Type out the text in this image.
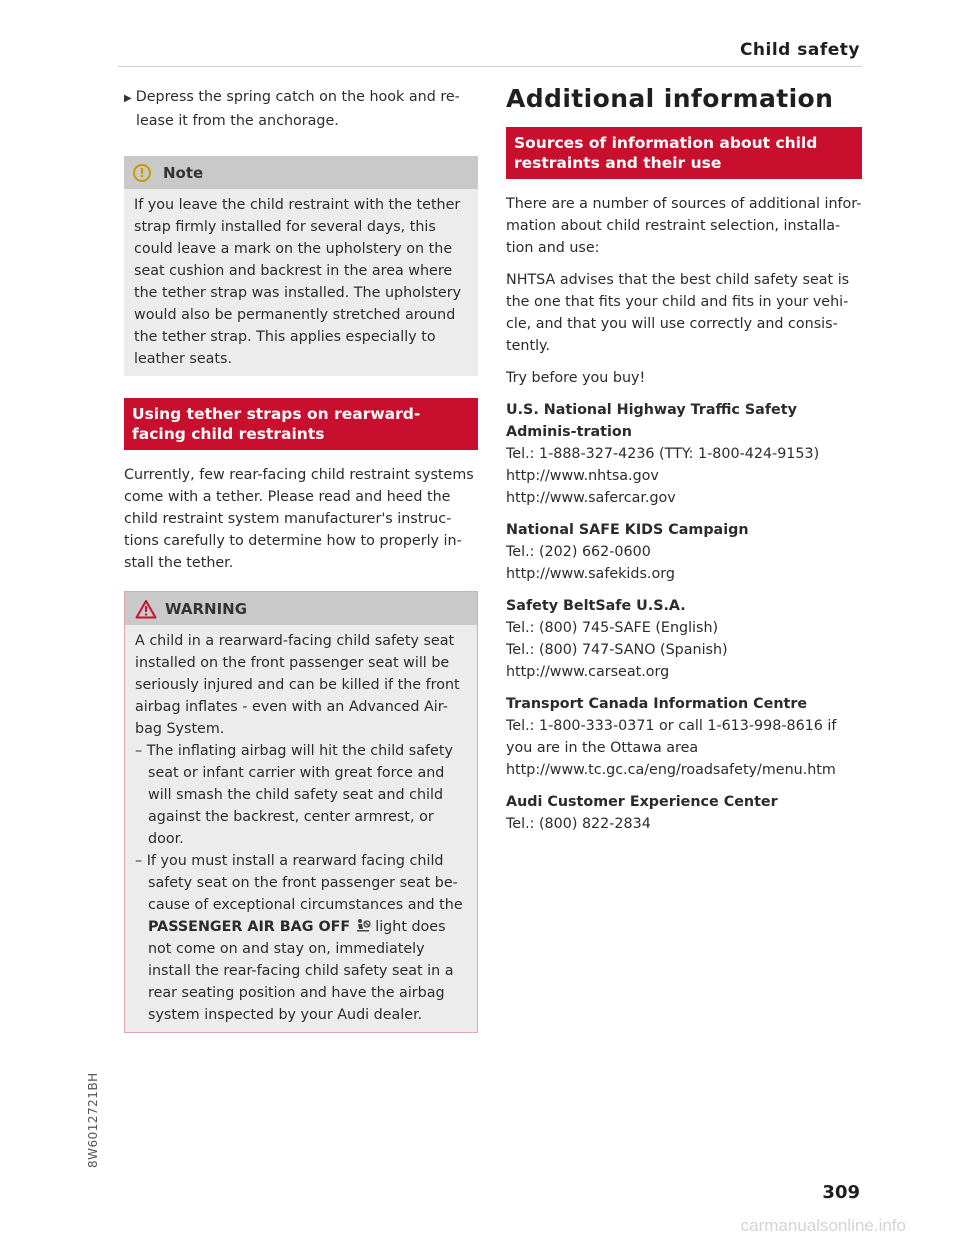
Child safety

▶ Depress the spring catch on the hook and re-lease it from the anchorage.

!	Note

If you leave the child restraint with the tether strap firmly installed for several days, this could leave a mark on the upholstery on the seat cushion and backrest in the area where the tether strap was installed. The upholstery would also be permanently stretched around the tether strap. This applies especially to leather seats.

Using tether straps on rearward-facing child restraints

Currently, few rear-facing child restraint systems come with a tether. Please read and heed the child restraint system manufacturer's instruc-tions carefully to determine how to properly in-stall the tether.

WARNING

A child in a rearward-facing child safety seat installed on the front passenger seat will be seriously injured and can be killed if the front airbag inflates - even with an Advanced Air-bag System.

– The inflating airbag will hit the child safety seat or infant carrier with great force and will smash the child safety seat and child against the backrest, center armrest, or door.

– If you must install a rearward facing child safety seat on the front passenger seat be-cause of exceptional circumstances and the PASSENGER AIR BAG OFF light does not come on and stay on, immediately install the rear-facing child safety seat in a rear seating position and have the airbag system inspected by your Audi dealer.

Additional information
Sources of information about child restraints and their use

There are a number of sources of additional infor-mation about child restraint selection, installa-tion and use:

NHTSA advises that the best child safety seat is the one that fits your child and fits in your vehi-cle, and that you will use correctly and consis-tently.

Try before you buy!

U.S. National Highway Traffic Safety Adminis-tration

Tel.: 1-888-327-4236 (TTY: 1-800-424-9153)

http://www.nhtsa.gov

http://www.safercar.gov

National SAFE KIDS Campaign

Tel.: (202) 662-0600

http://www.safekids.org

Safety BeltSafe U.S.A.

Tel.: (800) 745-SAFE (English)

Tel.: (800) 747-SANO (Spanish)

http://www.carseat.org

Transport Canada Information Centre

Tel.: 1-800-333-0371 or call 1-613-998-8616 if you are in the Ottawa area

http://www.tc.gc.ca/eng/roadsafety/menu.htm

Audi Customer Experience Center

Tel.: (800) 822-2834

8W6012721BH
309
carmanualsonline.info
